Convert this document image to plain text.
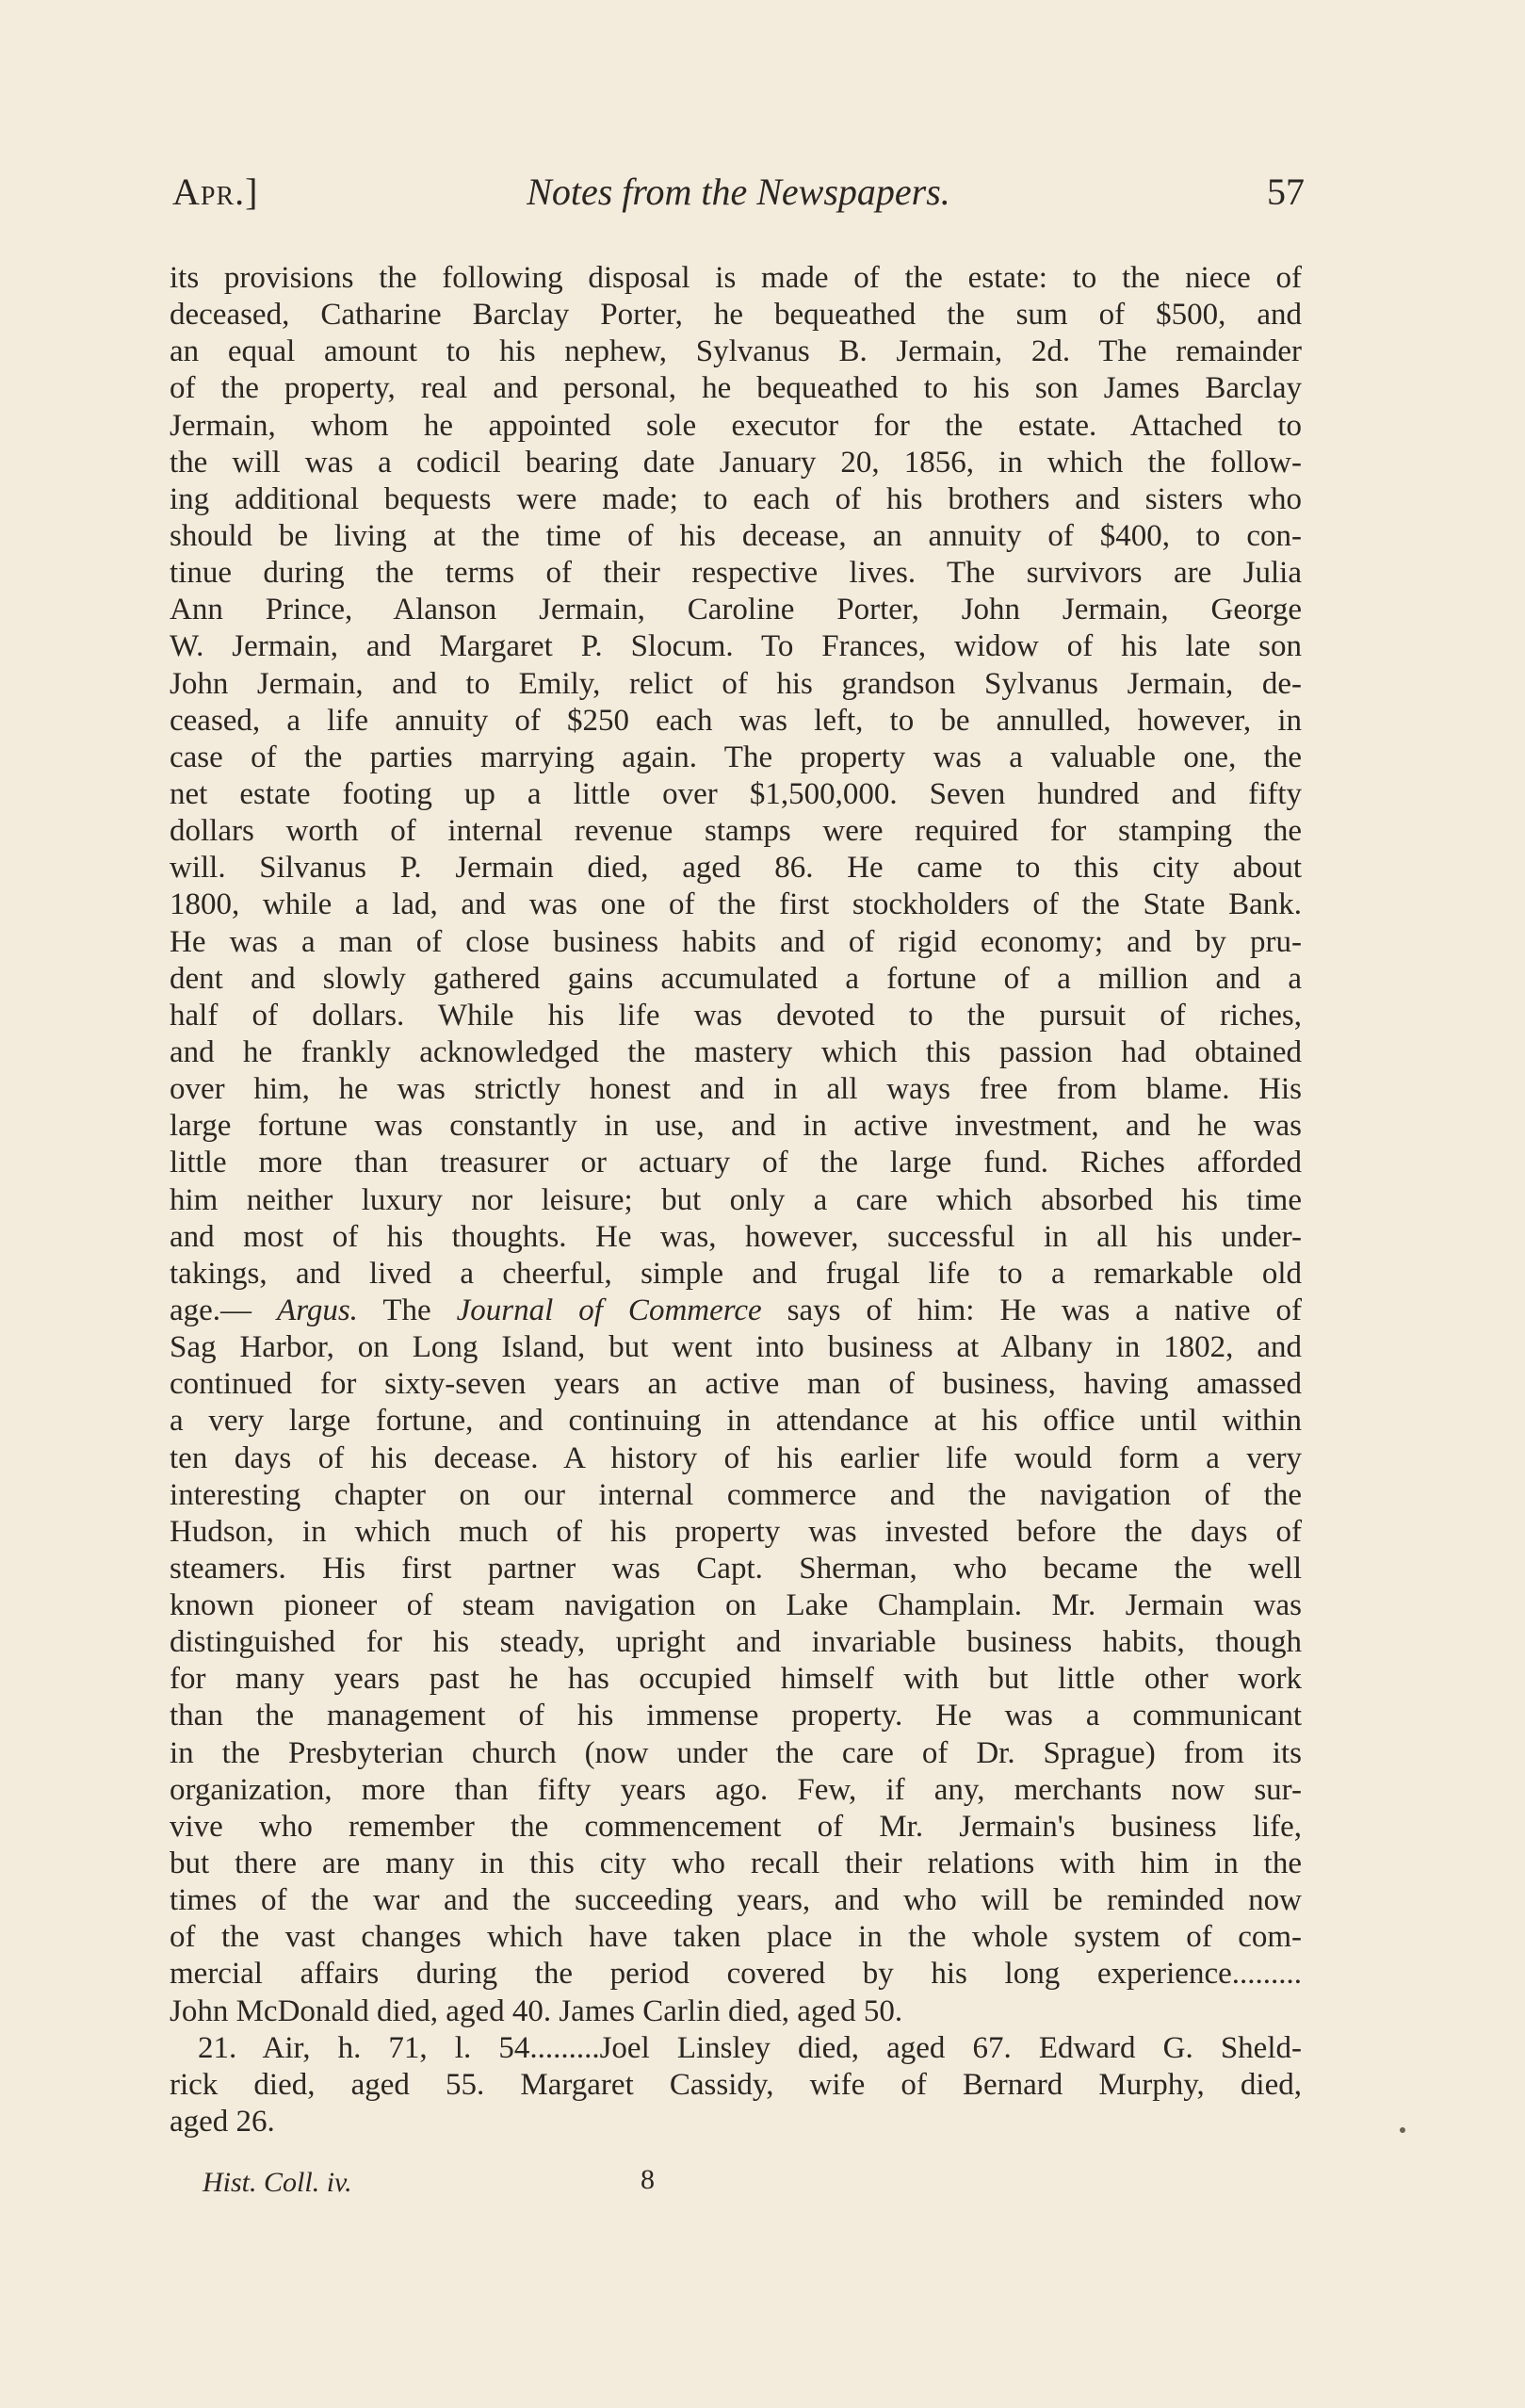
Apr.]	Notes from the Newspapers.	57
its provisions the following disposal is made of the estate: to the niece of
deceased, Catharine Barclay Porter, he bequeathed the sum of $500, and
an equal amount to his nephew, Sylvanus B. Jermain, 2d. The remainder
of the property, real and personal, he bequeathed to his son James Barclay
Jermain, whom he appointed sole executor for the estate. Attached to
the will was a codicil bearing date January 20, 1856, in which the follow-
ing additional bequests were made; to each of his brothers and sisters who
should be living at the time of his decease, an annuity of $400, to con-
tinue during the terms of their respective lives. The survivors are Julia
Ann Prince, Alanson Jermain, Caroline Porter, John Jermain, George
W. Jermain, and Margaret P. Slocum. To Frances, widow of his late son
John Jermain, and to Emily, relict of his grandson Sylvanus Jermain, de-
ceased, a life annuity of $250 each was left, to be annulled, however, in
case of the parties marrying again. The property was a valuable one, the
net estate footing up a little over $1,500,000. Seven hundred and fifty
dollars worth of internal revenue stamps were required for stamping the
will. Silvanus P. Jermain died, aged 86. He came to this city about
1800, while a lad, and was one of the first stockholders of the State Bank.
He was a man of close business habits and of rigid economy; and by pru-
dent and slowly gathered gains accumulated a fortune of a million and a
half of dollars. While his life was devoted to the pursuit of riches,
and he frankly acknowledged the mastery which this passion had obtained
over him, he was strictly honest and in all ways free from blame. His
large fortune was constantly in use, and in active investment, and he was
little more than treasurer or actuary of the large fund. Riches afforded
him neither luxury nor leisure; but only a care which absorbed his time
and most of his thoughts. He was, however, successful in all his under-
takings, and lived a cheerful, simple and frugal life to a remarkable old
age.— Argus. The Journal of Commerce says of him: He was a native of
Sag Harbor, on Long Island, but went into business at Albany in 1802, and
continued for sixty-seven years an active man of business, having amassed
a very large fortune, and continuing in attendance at his office until within
ten days of his decease. A history of his earlier life would form a very
interesting chapter on our internal commerce and the navigation of the
Hudson, in which much of his property was invested before the days of
steamers. His first partner was Capt. Sherman, who became the well
known pioneer of steam navigation on Lake Champlain. Mr. Jermain was
distinguished for his steady, upright and invariable business habits, though
for many years past he has occupied himself with but little other work
than the management of his immense property. He was a communicant
in the Presbyterian church (now under the care of Dr. Sprague) from its
organization, more than fifty years ago. Few, if any, merchants now sur-
vive who remember the commencement of Mr. Jermain's business life,
but there are many in this city who recall their relations with him in the
times of the war and the succeeding years, and who will be reminded now
of the vast changes which have taken place in the whole system of com-
mercial affairs during the period covered by his long experience.........
John McDonald died, aged 40. James Carlin died, aged 50.
21. Air, h. 71, l. 54.........Joel Linsley died, aged 67. Edward G. Sheld-
rick died, aged 55. Margaret Cassidy, wife of Bernard Murphy, died,
aged 26.
Hist. Coll. iv.	8
